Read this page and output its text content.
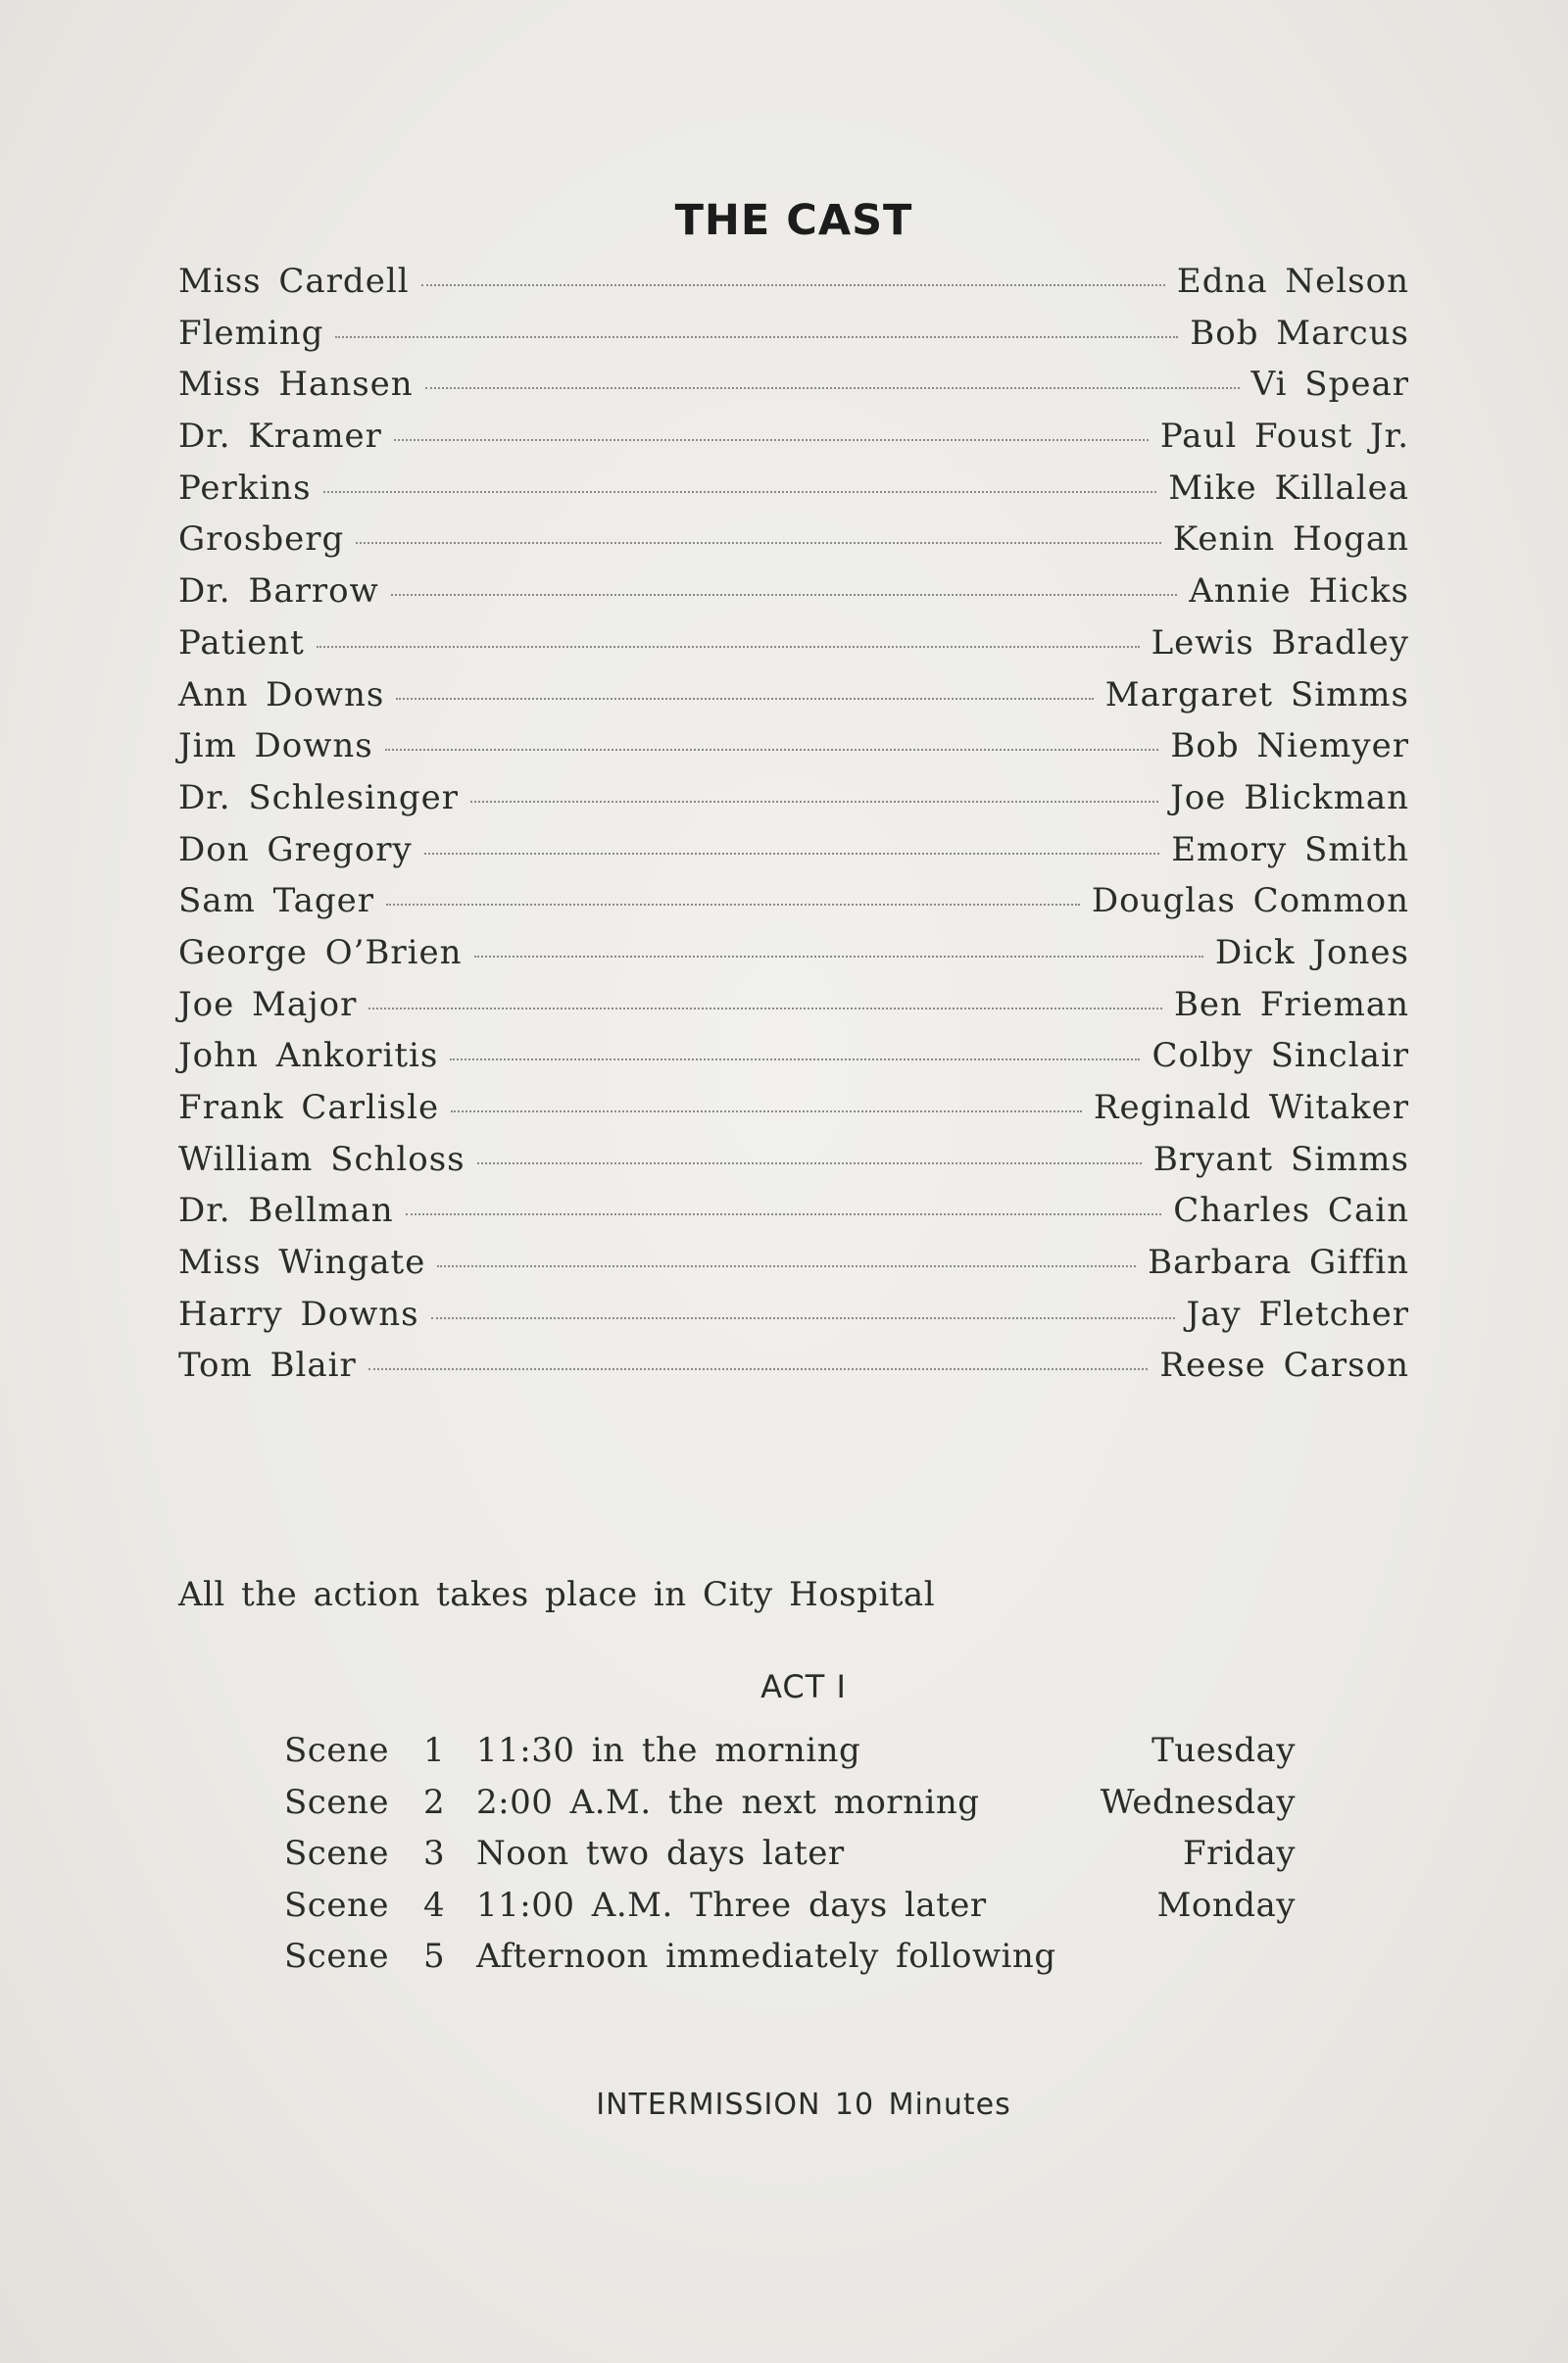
THE CAST
Miss Cardell	Edna Nelson
Fleming	Bob Marcus
Miss Hansen	Vi Spear
Dr. Kramer	Paul Foust Jr.
Perkins	Mike Killalea
Grosberg	Kenin Hogan
Dr. Barrow	Annie Hicks
Patient	Lewis Bradley
Ann Downs	Margaret Simms
Jim Downs	Bob Niemyer
Dr. Schlesinger	Joe Blickman
Don Gregory	Emory Smith
Sam Tager	Douglas Common
George O’Brien	Dick Jones
Joe Major	Ben Frieman
John Ankoritis	Colby Sinclair
Frank Carlisle	Reginald Witaker
William Schloss	Bryant Simms
Dr. Bellman	Charles Cain
Miss Wingate	Barbara Giffin
Harry Downs	Jay Fletcher
Tom Blair	Reese Carson
All the action takes place in City Hospital
ACT I
Scene 1 11:30 in the morning	Tuesday
Scene 2 2:00 A.M. the next morning	Wednesday
Scene 3 Noon two days later	Friday
Scene 4 11:00 A.M. Three days later	Monday
Scene 5 Afternoon immediately following
INTERMISSION 10 Minutes
